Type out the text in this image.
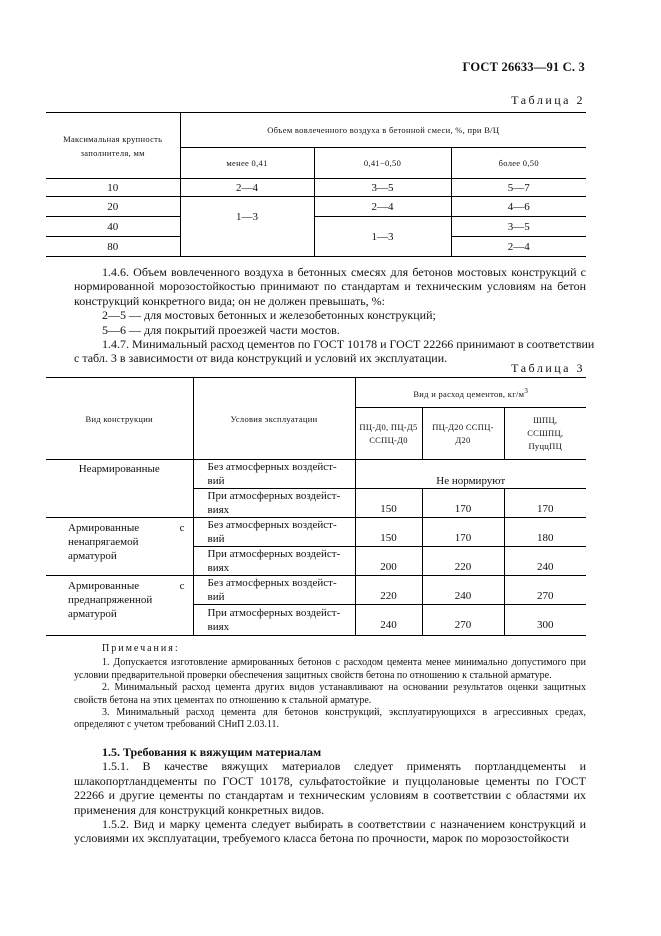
ГОСТ 26633—91 С. 3
Таблица 2
Максимальная крупность заполнителя, мм	Объем вовлеченного воздуха в бетонной смеси, %, при В/Ц		
	менее 0,41	0,41−0,50	более 0,50
10	2—4	3—5	5—7
20	1—3	2—4	4—6
40		1—3	3—5
80			2—4
1.4.6. Объем вовлеченного воздуха в бетонных смесях для бетонов мостовых конструкций с
нормированной морозостойкостью принимают по стандартам и техническим условиям на бетон
конструкций конкретного вида; он не должен превышать, %:
2—5 — для мостовых бетонных и железобетонных конструкций;
5—6 — для покрытий проезжей части мостов.
1.4.7. Минимальный расход цементов по ГОСТ 10178 и ГОСТ 22266 принимают в соответствии
с табл. 3 в зависимости от вида конструкций и условий их эксплуатации.
Таблица 3
Вид конструкции	Условия эксплуатации	Вид и расход цементов, $кг/м^3$
		ПЦ-Д0, ПЦ-Д5 ССПЦ-Д0	ПЦ-Д20 ССПЦ-Д20	ШПЦ, ССШПЦ, ПуццПЦ
Неармированные	Без атмосферных воздейст-
вий	Не нормируют		

	При атмосферных воздейст-
виях	150	170	170
Армированные с ненапрягаемой арматурой	Без атмосферных воздейст-
вий	150	170	180

	При атмосферных воздейст-
виях	200	220	240
Армированные с преднапряженной арматурой	Без атмосферных воздейст-
вий	220	240	270

	При атмосферных воздейст-
виях	240	270	300

Примечания:

1. Допускается изготовление армированных бетонов с расходом цемента менее минимально допустимого при условии предварительной проверки обеспечения защитных свойств бетона по отношению к стальной арматуре.

2. Минимальный расход цемента других видов устанавливают на основании результатов оценки защитных свойств бетона на этих цементах по отношению к стальной арматуре.

3. Минимальный расход цемента для бетонов конструкций, эксплуатирующихся в агрессивных средах, определяют с учетом требований СНиП 2.03.11.

1.5. Требования к вяжущим материалам

1.5.1. В качестве вяжущих материалов следует применять портландцементы и шлакопортландцементы по ГОСТ 10178, сульфатостойкие и пуццолановые цементы по ГОСТ 22266 и другие цементы по стандартам и техническим условиям в соответствии с областями их применения для конструкций конкретных видов.

1.5.2. Вид и марку цемента следует выбирать в соответствии с назначением конструкций и условиями их эксплуатации, требуемого класса бетона по прочности, марок по морозостойкости
